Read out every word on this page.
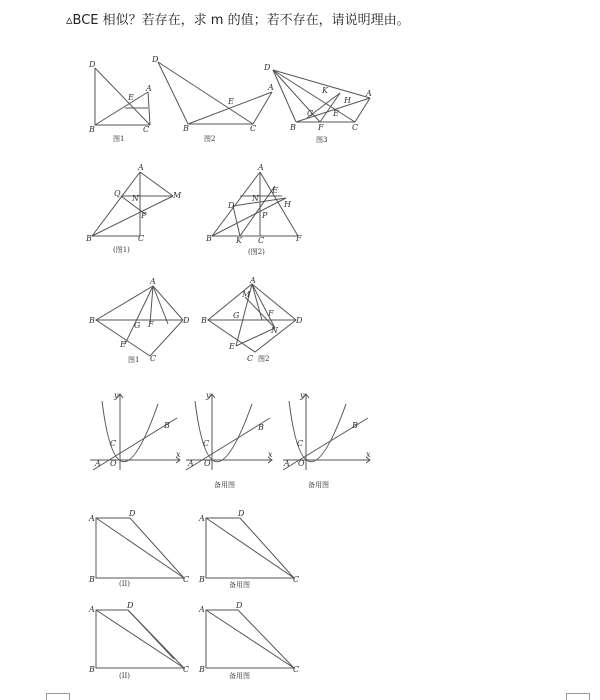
▵BCE 相似？若存在，求 m 的值；若不存在，请说明理由。
D
E
A
B	C
图1
D
E
A
B	C
图2
D
K
H
A
G E
B	F	C
图3
A
Q
N	M
P
B	C
(图1)
A
N
E
D	H
P
B	K C	F
(图2)
A
B	D
G F
E
C
图1
A
M
B
G	F
D
N
E
C 图2
y
x
B
C
A O
y
x
B
C
A O
备用图
y
x
B
C
A O
备用图
A
D
B	C
(II)
A
D
B	C
备用图
A	D
B	C
(II)
A	D
B	C
备用图
